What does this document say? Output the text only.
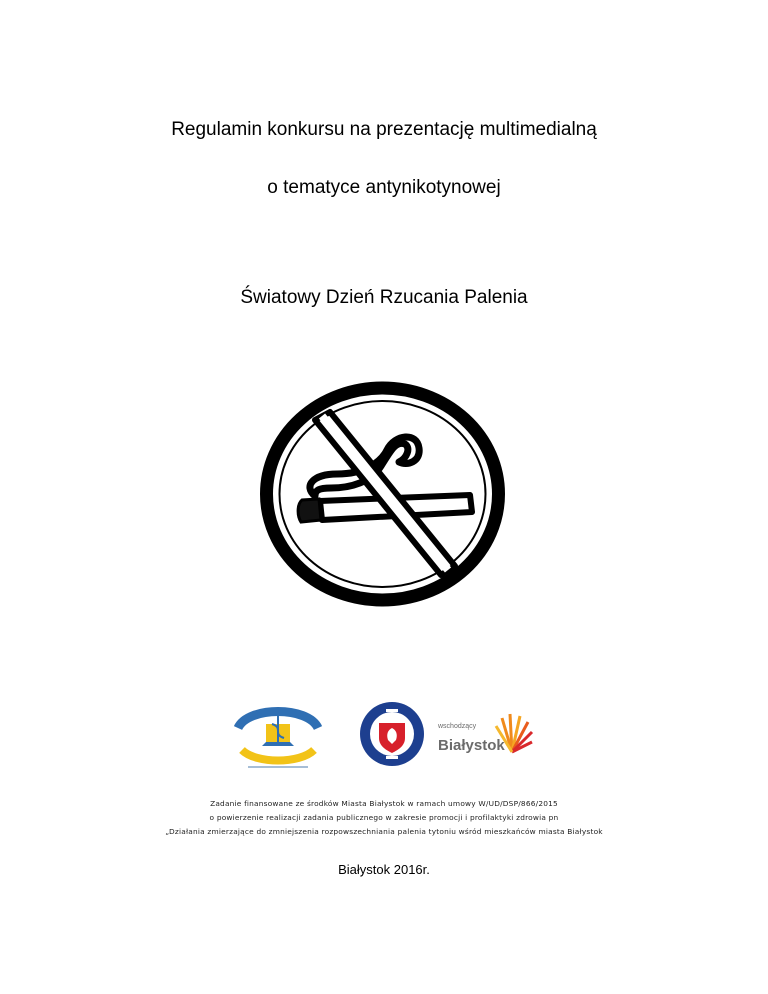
Regulamin konkursu na prezentację multimedialną
o tematyce antynikotynowej
Światowy Dzień Rzucania Palenia
wschodzący
Białystok
Zadanie finansowane ze środków Miasta Białystok w ramach umowy W/UD/DSP/866/2015
o powierzenie realizacji zadania publicznego w zakresie promocji i profilaktyki zdrowia pn
„Działania zmierzające do zmniejszenia rozpowszechniania palenia tytoniu wśród mieszkańców miasta Białystok
Białystok 2016r.
